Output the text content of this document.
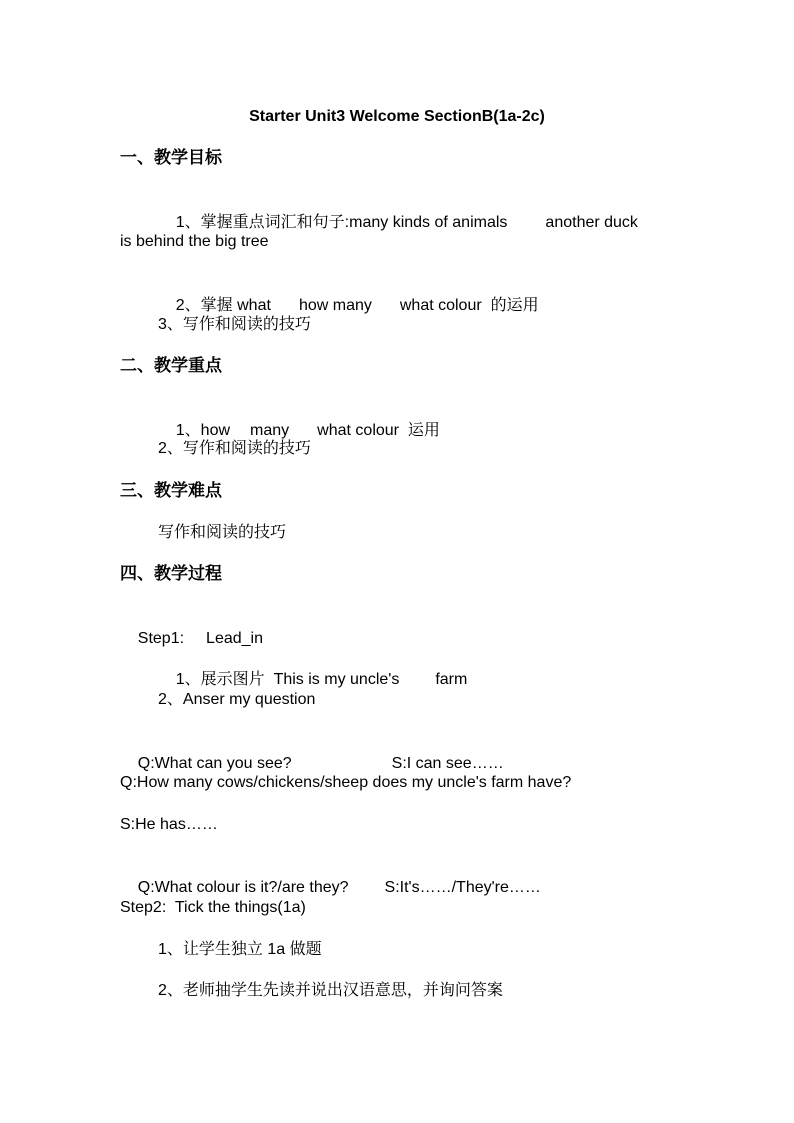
Starter Unit3 Welcome SectionB(1a-2c)
一、教学目标

1、掌握重点词汇和句子:many kinds of animals another duck

is behind the big tree

2、掌握 what how many what colour  的运用

3、写作和阅读的技巧
二、教学重点

1、how many what colour  运用

2、写作和阅读的技巧
三、教学难点
写作和阅读的技巧
四、教学过程

Step1: Lead_in

1、展示图片  This is my uncle's farm

2、Anser my question

Q:What can you see?	S:I can see……

Q:How many cows/chickens/sheep does my uncle's farm have?
S:He has……

Q:What colour is it?/are they? S:It's……/They're……

Step2:  Tick the things(1a)
1、让学生独立 1a 做题
2、老师抽学生先读并说出汉语意思，并询问答案
